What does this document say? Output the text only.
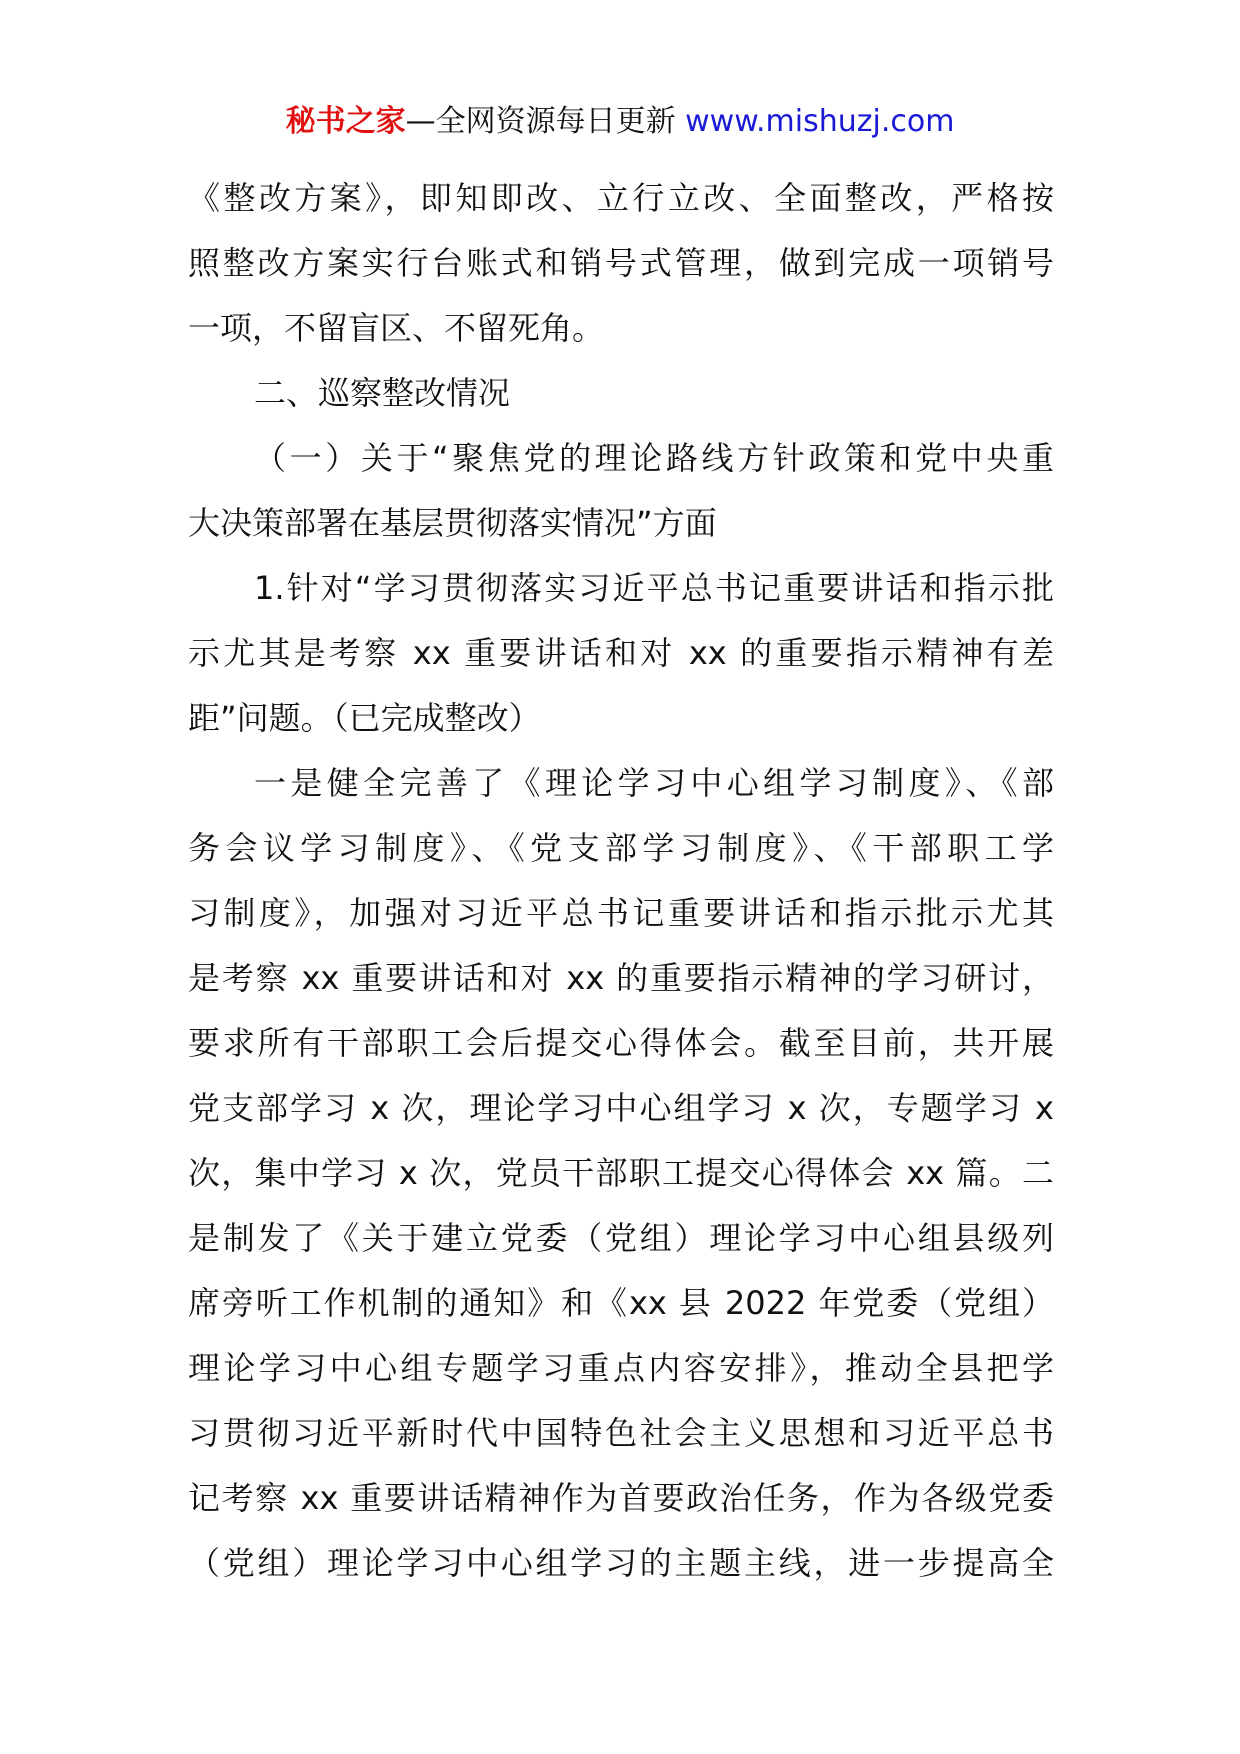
秘书之家—全网资源每日更新 www.mishuzj.com
《整改方案》，即知即改、立行立改、全面整改，严格按
照整改方案实行台账式和销号式管理，做到完成一项销号
一项，不留盲区、不留死角。
二、巡察整改情况
（一）关于“聚焦党的理论路线方针政策和党中央重
大决策部署在基层贯彻落实情况”方面
1.针对“学习贯彻落实习近平总书记重要讲话和指示批
示尤其是考察 xx 重要讲话和对 xx 的重要指示精神有差
距”问题。（已完成整改）
一是健全完善了《理论学习中心组学习制度》、《部
务会议学习制度》、《党支部学习制度》、《干部职工学
习制度》，加强对习近平总书记重要讲话和指示批示尤其
是考察 xx 重要讲话和对 xx 的重要指示精神的学习研讨，
要求所有干部职工会后提交心得体会。截至目前，共开展
党支部学习 x 次，理论学习中心组学习 x 次，专题学习 x
次，集中学习 x 次，党员干部职工提交心得体会 xx 篇。二
是制发了《关于建立党委（党组）理论学习中心组县级列
席旁听工作机制的通知》和《xx 县 2022 年党委（党组）
理论学习中心组专题学习重点内容安排》，推动全县把学
习贯彻习近平新时代中国特色社会主义思想和习近平总书
记考察 xx 重要讲话精神作为首要政治任务，作为各级党委
（党组）理论学习中心组学习的主题主线，进一步提高全
